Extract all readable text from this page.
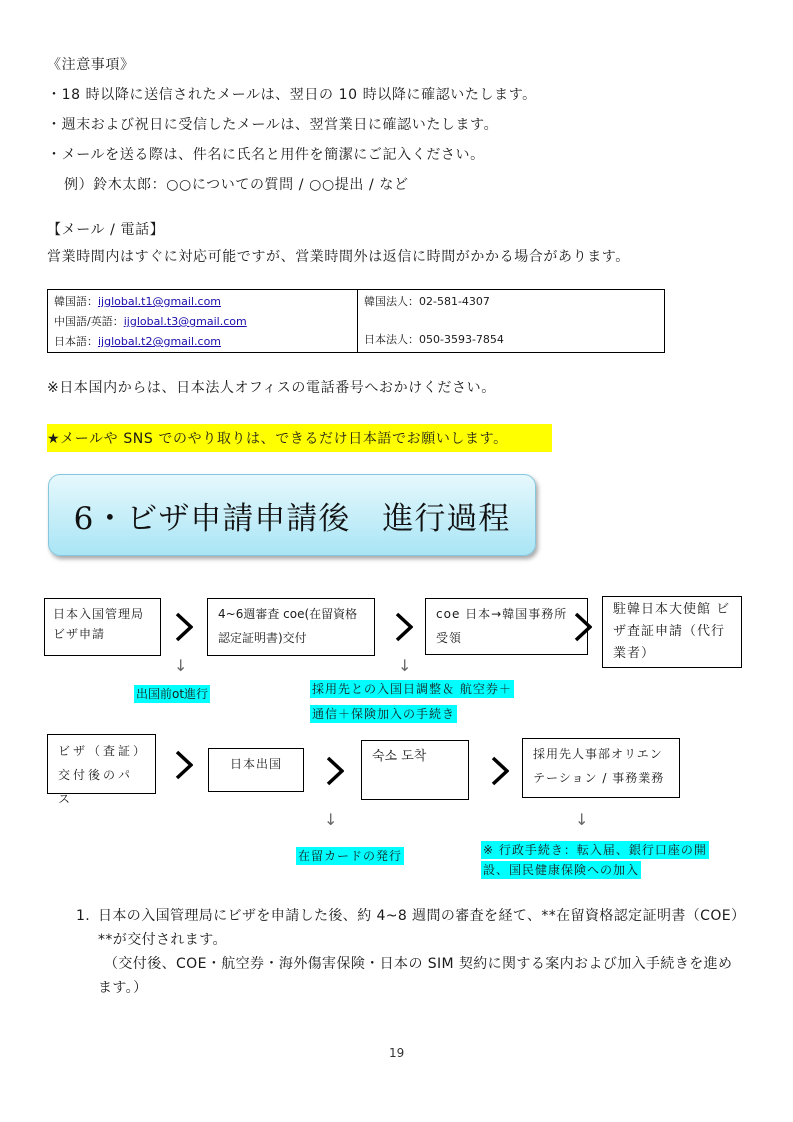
《注意事項》
・18 時以降に送信されたメールは、翌日の 10 時以降に確認いたします。
・週末および祝日に受信したメールは、翌営業日に確認いたします。
・メールを送る際は、件名に氏名と用件を簡潔にご記入ください。
例）鈴木太郎：○○についての質問 / ○○提出 / など
【メール / 電話】
営業時間内はすぐに対応可能ですが、営業時間外は返信に時間がかかる場合があります。
韓国語：ijglobal.t1@gmail.com
中国語/英語：ijglobal.t3@gmail.com
日本語：ijglobal.t2@gmail.com
韓国法人：02-581-4307
日本法人：050-3593-7854
※日本国内からは、日本法人オフィスの電話番号へおかけください。
★メールや SNS でのやり取りは、できるだけ日本語でお願いします。
6・ビザ申請申請後　進行過程
日本入国管理局　ビザ申請
4~6週審査 coe(在留資格認定証明書)交付
coe 日本→韓国事務所　受領
駐韓日本大使館 ビザ査証申請（代行業者）
↓	↓
出国前ot進行	採用先との入国日調整＆ 航空券＋
通信＋保険加入の手続き
ビザ（査証）交付後のパス
日本出国	숙소 도착	採用先人事部オリエンテーション / 事務業務
↓	↓
在留カードの発行	※ 行政手続き：転入届、銀行口座の開
設、国民健康保険への加入
1. 日本の入国管理局にビザを申請した後、約 4~8 週間の審査を経て、**在留資格認定証明書（COE）**が交付されます。
（交付後、COE・航空券・海外傷害保険・日本の SIM 契約に関する案内および加入手続きを進めます。）
19
